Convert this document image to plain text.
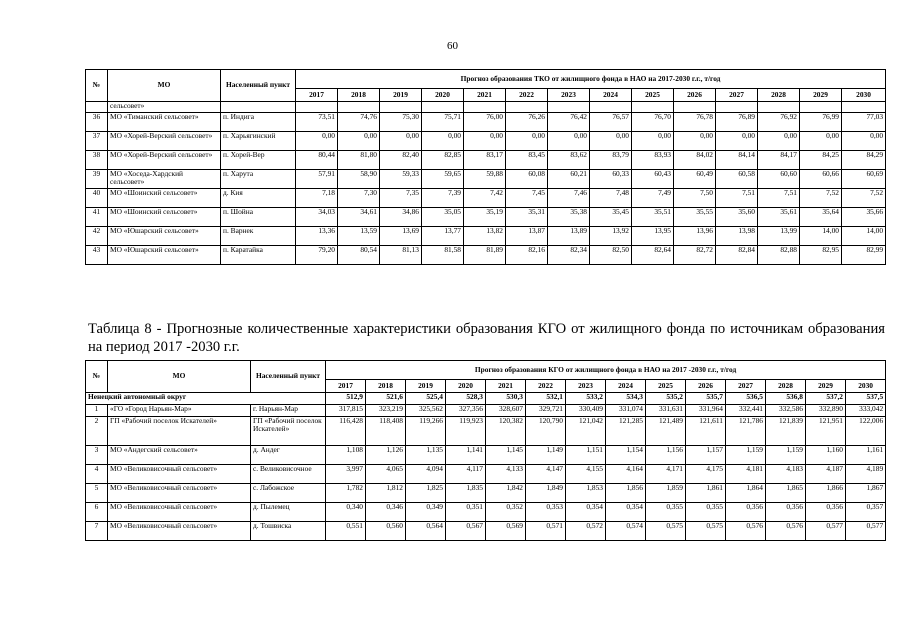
60
№	МО	Населенный пункт	Прогноз образования ТКО от жилищного фонда в НАО на 2017-2030 г.г., т/год													
			2017	2018	2019	2020	2021	2022	2023	2024	2025	2026	2027	2028	2029	2030
	сельсовет»															
36	МО «Тиманский сельсовет»	п. Индига	73,51	74,76	75,30	75,71	76,00	76,26	76,42	76,57	76,70	76,78	76,89	76,92	76,99	77,03
37	МО «Хорей-Верский сельсовет»	п. Харьягинский	0,00	0,00	0,00	0,00	0,00	0,00	0,00	0,00	0,00	0,00	0,00	0,00	0,00	0,00
38	МО «Хорей-Верский сельсовет»	п. Хорей-Вер	80,44	81,80	82,40	82,85	83,17	83,45	83,62	83,79	83,93	84,02	84,14	84,17	84,25	84,29
39	МО «Хоседа-Хардский сельсовет»	п. Харута	57,91	58,90	59,33	59,65	59,88	60,08	60,21	60,33	60,43	60,49	60,58	60,60	60,66	60,69
40	МО «Шоинский сельсовет»	д. Кия	7,18	7,30	7,35	7,39	7,42	7,45	7,46	7,48	7,49	7,50	7,51	7,51	7,52	7,52
41	МО «Шоинский сельсовет»	п. Шойна	34,03	34,61	34,86	35,05	35,19	35,31	35,38	35,45	35,51	35,55	35,60	35,61	35,64	35,66
42	МО «Юшарский сельсовет»	п. Варнек	13,36	13,59	13,69	13,77	13,82	13,87	13,89	13,92	13,95	13,96	13,98	13,99	14,00	14,00
43	МО «Юшарский сельсовет»	п. Каратайка	79,20	80,54	81,13	81,58	81,89	82,16	82,34	82,50	82,64	82,72	82,84	82,88	82,95	82,99
Таблица 8 - Прогнозные количественные характеристики образования КГО от жилищного фонда по источникам образования на период 2017 -2030 г.г.
№	МО	Населенный пункт	Прогноз образования КГО от жилищного фонда в НАО на 2017 -2030 г.г., т/год													
			2017	2018	2019	2020	2021	2022	2023	2024	2025	2026	2027	2028	2029	2030
Ненецкий автономный округ			512,9	521,6	525,4	528,3	530,3	532,1	533,2	534,3	535,2	535,7	536,5	536,8	537,2	537,5
1	«ГО «Город Нарьян-Мар»	г. Нарьян-Мар	317,815	323,219	325,562	327,356	328,607	329,721	330,409	331,074	331,631	331,964	332,441	332,586	332,890	333,042
2	ГП «Рабочий поселок Искателей»	ГП «Рабочий поселок Искателей»	116,428	118,408	119,266	119,923	120,382	120,790	121,042	121,285	121,489	121,611	121,786	121,839	121,951	122,006
3	МО «Андегский сельсовет»	д. Андег	1,108	1,126	1,135	1,141	1,145	1,149	1,151	1,154	1,156	1,157	1,159	1,159	1,160	1,161
4	МО «Великовисочный сельсовет»	с. Великовисочное	3,997	4,065	4,094	4,117	4,133	4,147	4,155	4,164	4,171	4,175	4,181	4,183	4,187	4,189
5	МО «Великовисочный сельсовет»	с. Лабожское	1,782	1,812	1,825	1,835	1,842	1,849	1,853	1,856	1,859	1,861	1,864	1,865	1,866	1,867
6	МО «Великовисочный сельсовет»	д. Пылемец	0,340	0,346	0,349	0,351	0,352	0,353	0,354	0,354	0,355	0,355	0,356	0,356	0,356	0,357
7	МО «Великовисочный сельсовет»	д. Тошвиска	0,551	0,560	0,564	0,567	0,569	0,571	0,572	0,574	0,575	0,575	0,576	0,576	0,577	0,577
